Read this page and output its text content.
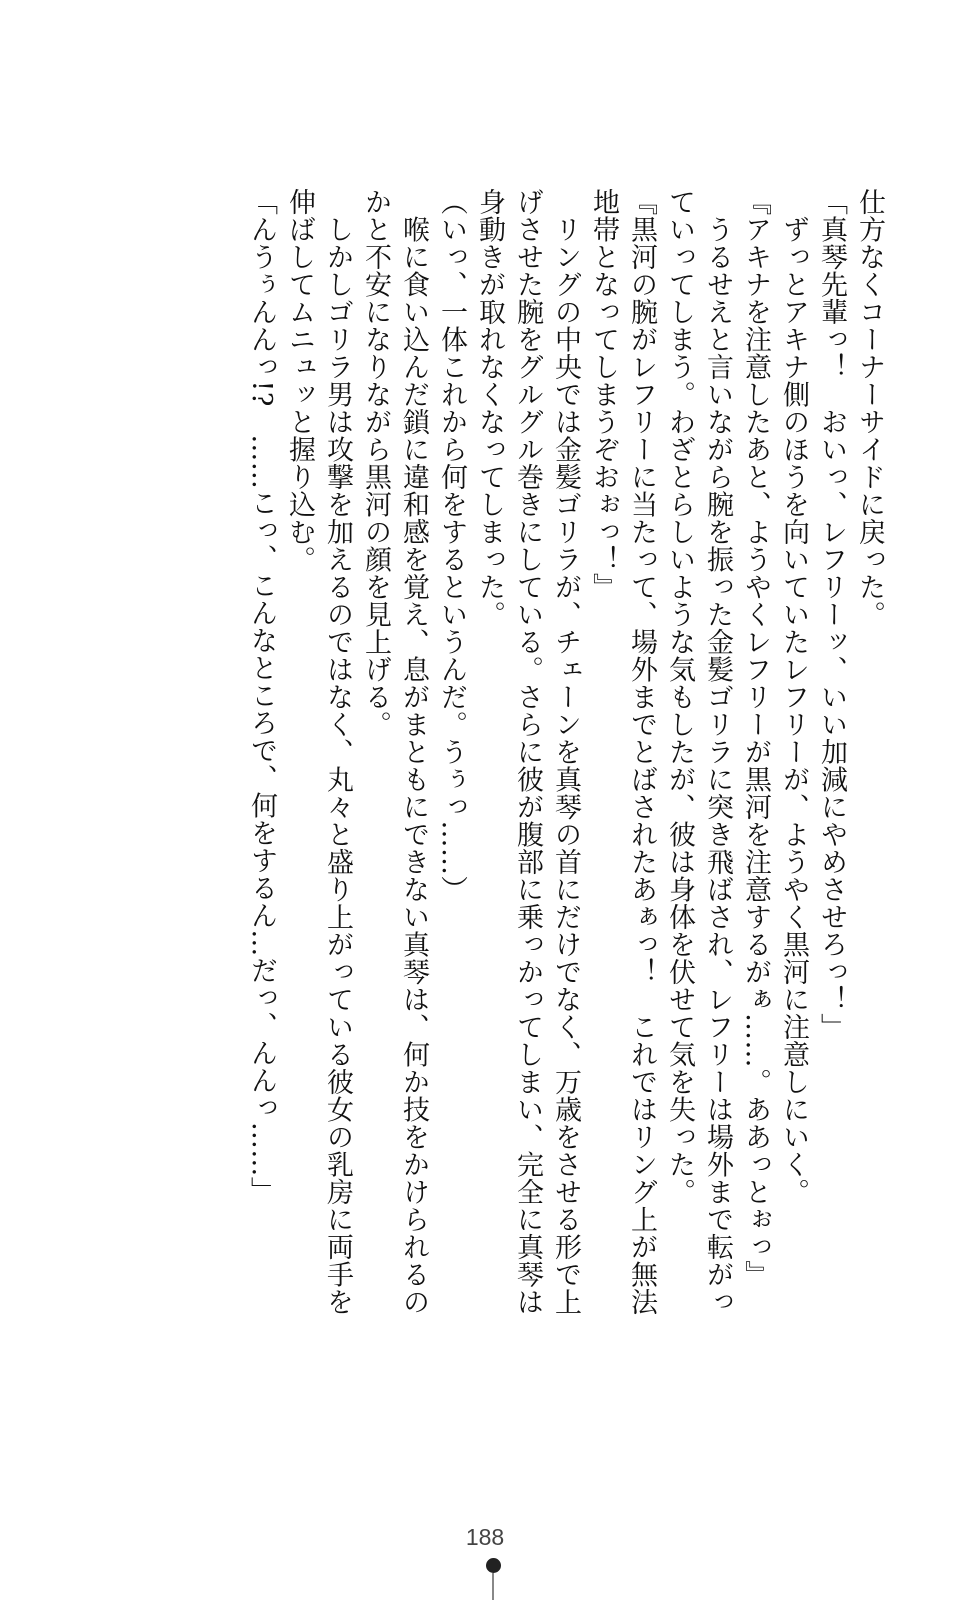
仕方なくコーナーサイドに戻った。

「真琴先輩っ！　おいっ、レフリーッ、いい加減にやめさせろっ！」

　ずっとアキナ側のほうを向いていたレフリーが、ようやく黒河に注意しにいく。

『アキナを注意したあと、ようやくレフリーが黒河を注意するがぁ……。ああっとぉっ』

　うるせえと言いながら腕を振った金髪ゴリラに突き飛ばされ、レフリーは場外まで転がっていってしまう。わざとらしいような気もしたが、彼は身体を伏せて気を失った。

『黒河の腕がレフリーに当たって、場外までとばされたあぁっ！　これではリング上が無法地帯となってしまうぞおぉっ！』

　リングの中央では金髪ゴリラが、チェーンを真琴の首にだけでなく、万歳をさせる形で上げさせた腕をグルグル巻きにしている。さらに彼が腹部に乗っかってしまい、完全に真琴は身動きが取れなくなってしまった。

（いっ、一体これから何をするというんだ。うぅっ……）

　喉に食い込んだ鎖に違和感を覚え、息がまともにできない真琴は、何か技をかけられるのかと不安になりながら黒河の顔を見上げる。

　しかしゴリラ男は攻撃を加えるのではなく、丸々と盛り上がっている彼女の乳房に両手を伸ばしてムニュッと握り込む。

「んうぅんんっ!?　……こっ、こんなところで、何をするん…だっ、んんっ……」

188
